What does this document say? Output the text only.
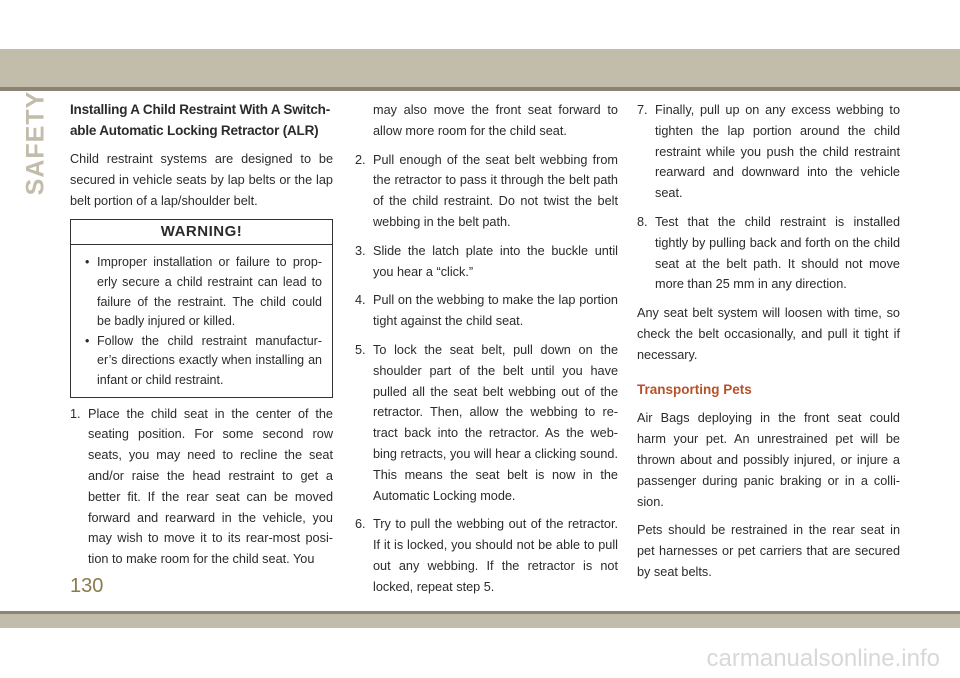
SAFETY Installing A Child Restraint With A Switch-able Automatic Locking Retractor (ALR)

Child restraint systems are designed to be secured in vehicle seats by lap belts or the lap belt portion of a lap/shoulder belt.

WARNING!
• Improper installation or failure to prop-erly secure a child restraint can lead to failure of the restraint. The child could be badly injured or killed.
• Follow the child restraint manufactur-er’s directions exactly when installing an infant or child restraint.
1. Place the child seat in the center of the seating position. For some second row seats, you may need to recline the seat and/or raise the head restraint to get a better fit. If the rear seat can be moved forward and rearward in the vehicle, you may wish to move it to its rear-most posi-tion to make room for the child seat. You

may also move the front seat forward to allow more room for the child seat.

2. Pull enough of the seat belt webbing from the retractor to pass it through the belt path of the child restraint. Do not twist the belt webbing in the belt path.
3. Slide the latch plate into the buckle until you hear a “click.”
4. Pull on the webbing to make the lap portion tight against the child seat.
5. To lock the seat belt, pull down on the shoulder part of the belt until you have pulled all the seat belt webbing out of the retractor. Then, allow the webbing to re-tract back into the retractor. As the web-bing retracts, you will hear a clicking sound. This means the seat belt is now in the Automatic Locking mode.
6. Try to pull the webbing out of the retractor. If it is locked, you should not be able to pull out any webbing. If the retractor is not locked, repeat step 5.
7. Finally, pull up on any excess webbing to tighten the lap portion around the child restraint while you push the child restraint rearward and downward into the vehicle seat.
8. Test that the child restraint is installed tightly by pulling back and forth on the child seat at the belt path. It should not move more than 25 mm in any direction.

Any seat belt system will loosen with time, so check the belt occasionally, and pull it tight if necessary.

Transporting Pets

Air Bags deploying in the front seat could harm your pet. An unrestrained pet will be thrown about and possibly injured, or injure a passenger during panic braking or in a colli-sion.

Pets should be restrained in the rear seat in pet harnesses or pet carriers that are secured by seat belts.

130
carmanualsonline.info
